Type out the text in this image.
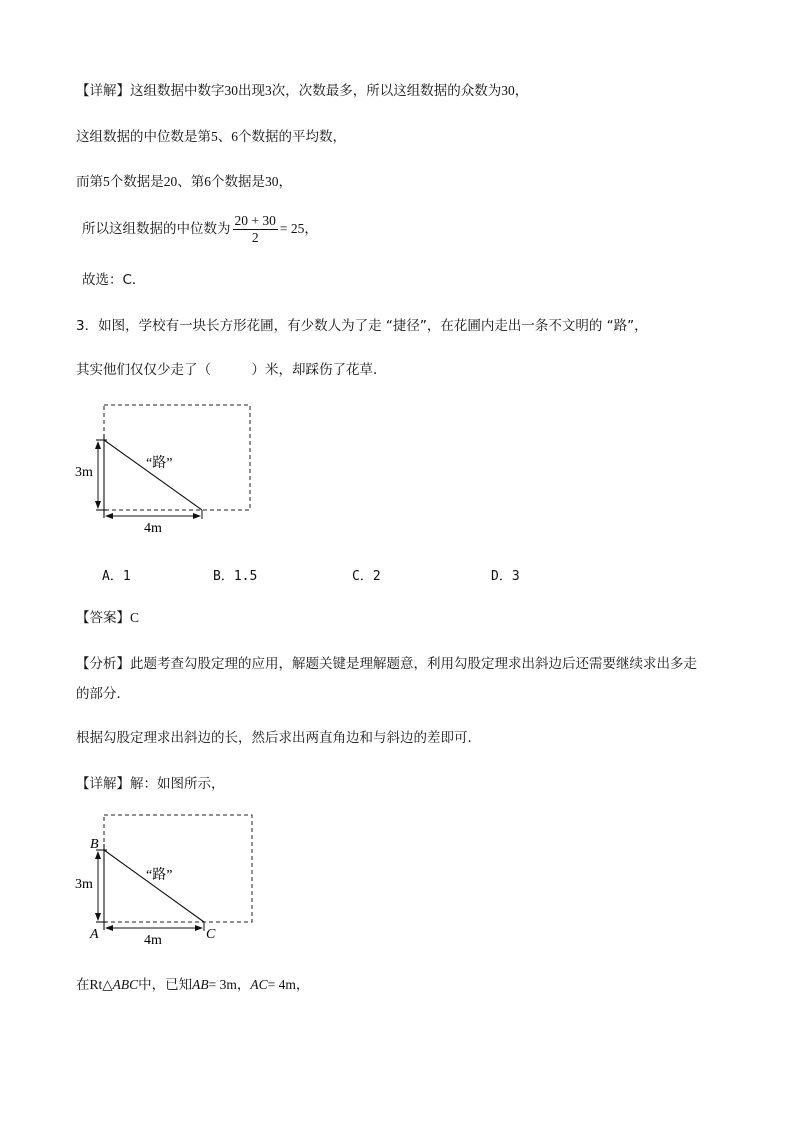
【详解】这组数据中数字30出现3次，次数最多，所以这组数据的众数为30，
这组数据的中位数是第5、6个数据的平均数，
而第5个数据是20、第6个数据是30，
所以这组数据的中位数为 $\frac{20 + 30}{2} = 25$，
故选：C．
3．如图，学校有一块长方形花圃，有少数人为了走 “捷径”，在花圃内走出一条不文明的 “路”，
其实他们仅仅少走了（　　　）米，却踩伤了花草．
“路”
3m
4m
A．1	B．1.5	C．2	D．3
【答案】C
【分析】此题考查勾股定理的应用，解题关键是理解题意，利用勾股定理求出斜边后还需要继续求出多走
的部分．
根据勾股定理求出斜边的长，然后求出两直角边和与斜边的差即可．
【详解】解：如图所示，
“路”
3m
4m
B
A	C
在Rt△ABC中，已知AB= 3m，AC= 4m，
